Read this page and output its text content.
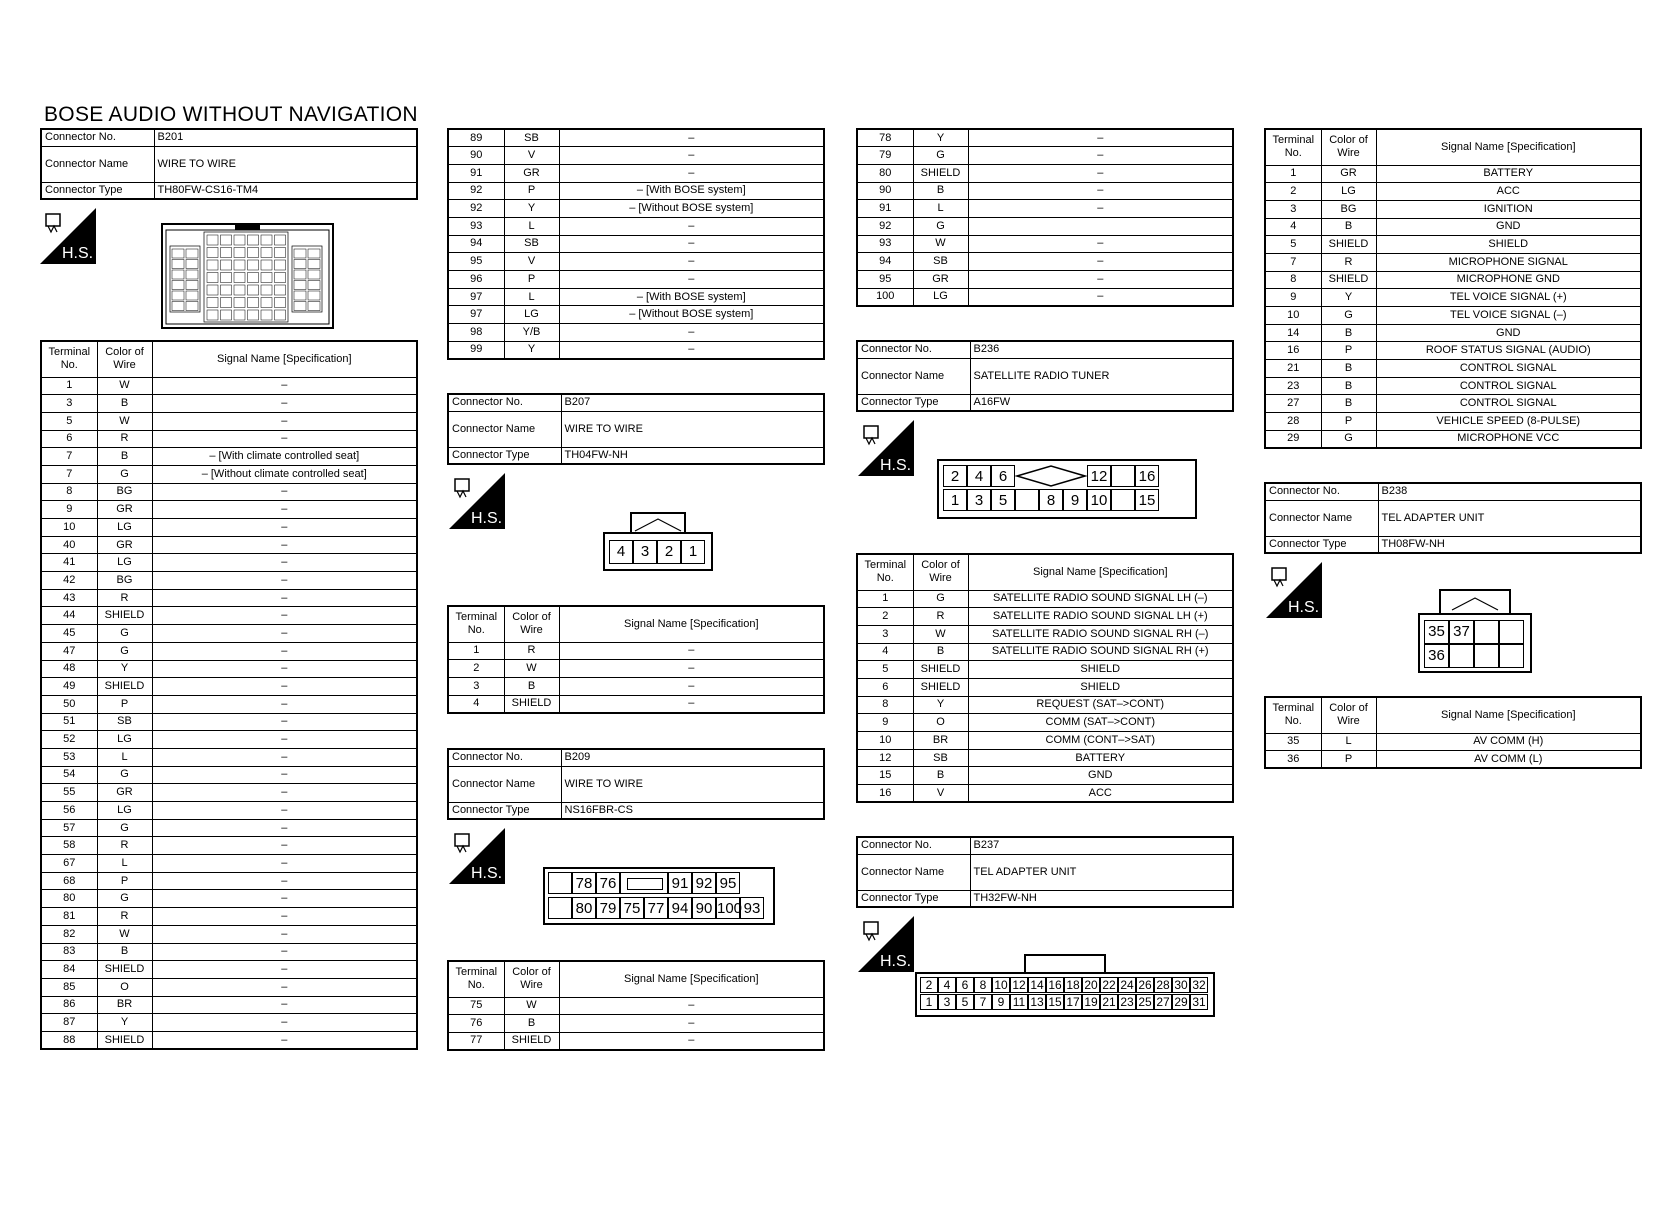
BOSE AUDIO WITHOUT NAVIGATION
Connector No.	B201
Connector Name	WIRE TO WIRE
Connector Type	TH80FW-CS16-TM4
H.S.
Terminal No.	Color of Wire	Signal Name [Specification]
1	W	–
3	B	–
5	W	–
6	R	–
7	B	– [With climate controlled seat]
7	G	– [Without climate controlled seat]
8	BG	–
9	GR	–
10	LG	–
40	GR	–
41	LG	–
42	BG	–
43	R	–
44	SHIELD	–
45	G	–
47	G	–
48	Y	–
49	SHIELD	–
50	P	–
51	SB	–
52	LG	–
53	L	–
54	G	–
55	GR	–
56	LG	–
57	G	–
58	R	–
67	L	–
68	P	–
80	G	–
81	R	–
82	W	–
83	B	–
84	SHIELD	–
85	O	–
86	BR	–
87	Y	–
88	SHIELD	–
89	SB	–
90	V	–
91	GR	–
92	P	– [With BOSE system]
92	Y	– [Without BOSE system]
93	L	–
94	SB	–
95	V	–
96	P	–
97	L	– [With BOSE system]
97	LG	– [Without BOSE system]
98	Y/B	–
99	Y	–
Connector No.	B207
Connector Name	WIRE TO WIRE
Connector Type	TH04FW-NH
H.S.
4	3	2	1
Terminal No.	Color of Wire	Signal Name [Specification]
1	R	–
2	W	–
3	B	–
4	SHIELD	–
Connector No.	B209
Connector Name	WIRE TO WIRE
Connector Type	NS16FBR-CS
H.S.
78 76	91 92 95
80 79 75 77 94 90 100 93
Terminal No.	Color of Wire	Signal Name [Specification]
75	W	–
76	B	–
77	SHIELD	–
78	Y	–
79	G	–
80	SHIELD	–
90	B	–
91	L	–
92	G	
93	W	–
94	SB	–
95	GR	–
100	LG	–
Connector No.	B236
Connector Name	SATELLITE RADIO TUNER
Connector Type	A16FW
H.S.
2	4	6	12 16
1	3	5	8	9 10 15
Terminal No.	Color of Wire	Signal Name [Specification]
1	G	SATELLITE RADIO SOUND SIGNAL LH (–)
2	R	SATELLITE RADIO SOUND SIGNAL LH (+)
3	W	SATELLITE RADIO SOUND SIGNAL RH (–)
4	B	SATELLITE RADIO SOUND SIGNAL RH (+)
5	SHIELD	SHIELD
6	SHIELD	SHIELD
8	Y	REQUEST (SAT–>CONT)
9	O	COMM (SAT–>CONT)
10	BR	COMM (CONT–>SAT)
12	SB	BATTERY
15	B	GND
16	V	ACC
Connector No.	B237
Connector Name	TEL ADAPTER UNIT
Connector Type	TH32FW-NH
H.S.
2 4 6 8 10 12 14 16 18 20 22 24 26 28 30 32
1 3 5 7 9 11 13 15 17 19 21 23 25 27 29 31
Terminal No.	Color of Wire	Signal Name [Specification]
1	GR	BATTERY
2	LG	ACC
3	BG	IGNITION
4	B	GND
5	SHIELD	SHIELD
7	R	MICROPHONE SIGNAL
8	SHIELD	MICROPHONE GND
9	Y	TEL VOICE SIGNAL (+)
10	G	TEL VOICE SIGNAL (–)
14	B	GND
16	P	ROOF STATUS SIGNAL (AUDIO)
21	B	CONTROL SIGNAL
23	B	CONTROL SIGNAL
27	B	CONTROL SIGNAL
28	P	VEHICLE SPEED (8-PULSE)
29	G	MICROPHONE VCC
Connector No.	B238
Connector Name	TEL ADAPTER UNIT
Connector Type	TH08FW-NH
H.S.
35 37
36
Terminal No.	Color of Wire	Signal Name [Specification]
35	L	AV COMM (H)
36	P	AV COMM (L)
